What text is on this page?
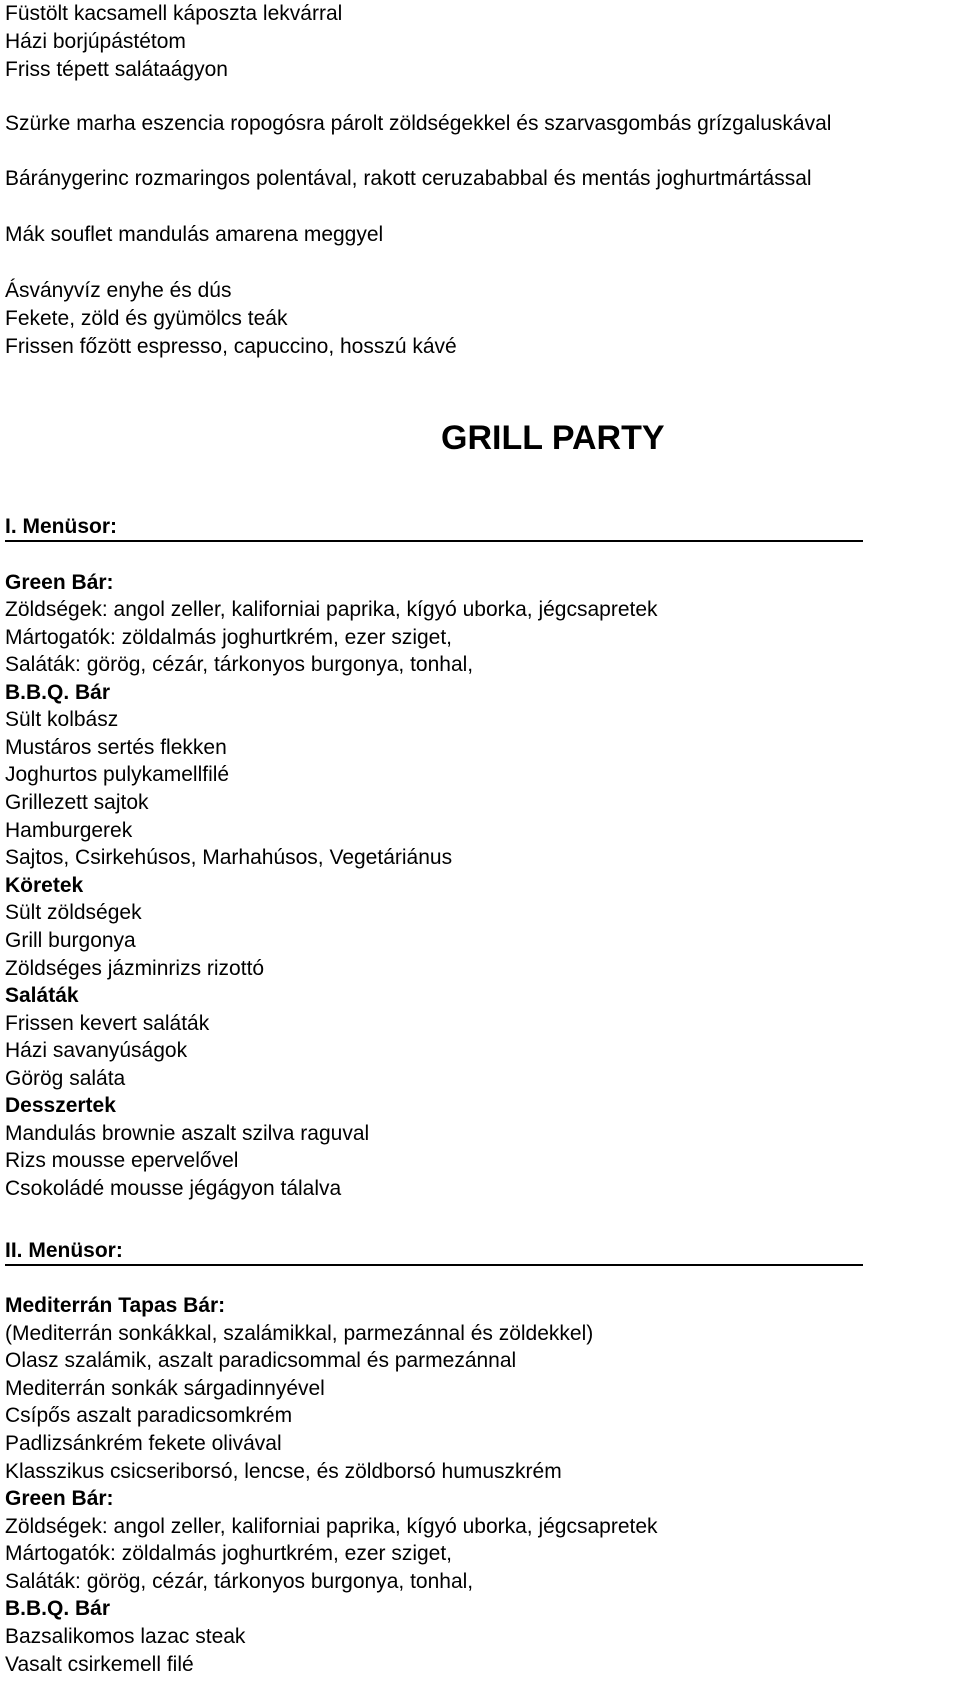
Füstölt kacsamell káposzta lekvárral

Házi borjúpástétom

Friss tépett salátaágyon

Szürke marha eszencia ropogósra párolt zöldségekkel és szarvasgombás grízgaluskával

Báránygerinc rozmaringos polentával, rakott ceruzababbal és mentás joghurtmártással

Mák souflet mandulás amarena meggyel

Ásványvíz enyhe és dús

Fekete, zöld és gyümölcs teák

Frissen főzött espresso, capuccino, hosszú kávé

GRILL PARTY
I. Menüsor:

Green Bár:

Zöldségek: angol zeller, kaliforniai paprika, kígyó uborka, jégcsapretek

Mártogatók: zöldalmás joghurtkrém, ezer sziget,

Saláták: görög, cézár, tárkonyos burgonya, tonhal,

B.B.Q. Bár

Sült kolbász

Mustáros sertés flekken

Joghurtos pulykamellfilé

Grillezett sajtok

Hamburgerek

Sajtos, Csirkehúsos, Marhahúsos, Vegetáriánus

Köretek

Sült zöldségek

Grill burgonya

Zöldséges jázminrizs rizottó

Saláták

Frissen kevert saláták

Házi savanyúságok

Görög saláta

Desszertek

Mandulás brownie aszalt szilva raguval

Rizs mousse epervelővel

Csokoládé mousse jégágyon tálalva

II. Menüsor:

Mediterrán Tapas Bár:

(Mediterrán sonkákkal, szalámikkal, parmezánnal és zöldekkel)

Olasz szalámik, aszalt paradicsommal és parmezánnal

Mediterrán sonkák sárgadinnyével

Csípős aszalt paradicsomkrém

Padlizsánkrém fekete olivával

Klasszikus csicseriborsó, lencse, és zöldborsó humuszkrém

Green Bár:

Zöldségek: angol zeller, kaliforniai paprika, kígyó uborka, jégcsapretek

Mártogatók: zöldalmás joghurtkrém, ezer sziget,

Saláták: görög, cézár, tárkonyos burgonya, tonhal,

B.B.Q. Bár

Bazsalikomos lazac steak

Vasalt csirkemell filé
